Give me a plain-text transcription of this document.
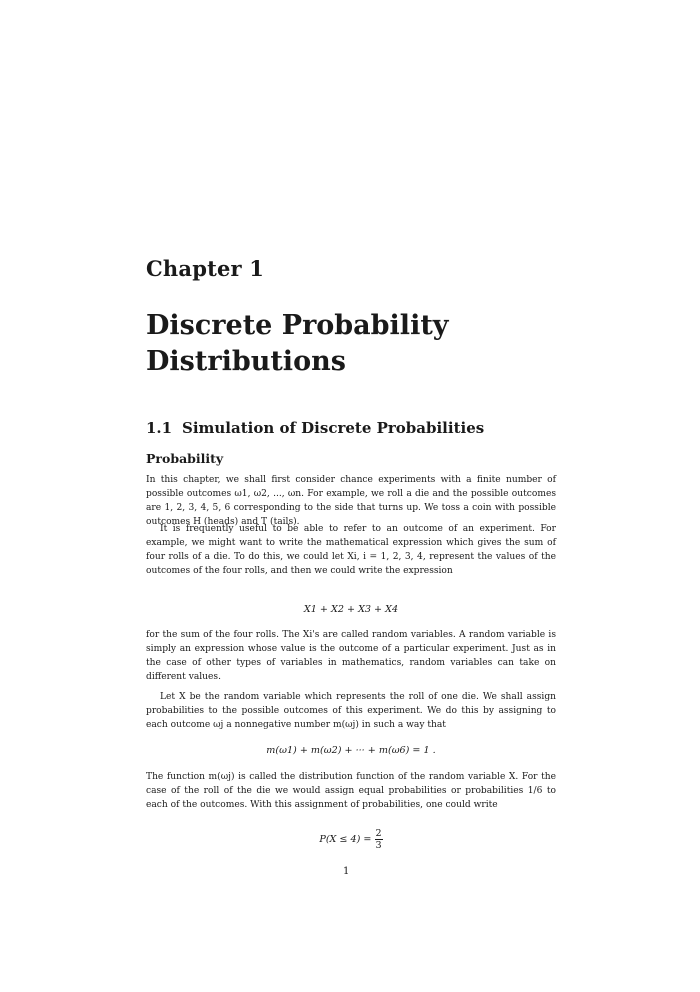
Chapter 1
Discrete Probability Distributions
1.1 Simulation of Discrete Probabilities
Probability

In this chapter, we shall first consider chance experiments with a finite number of possible outcomes ω1, ω2, ..., ωn. For example, we roll a die and the possible outcomes are 1, 2, 3, 4, 5, 6 corresponding to the side that turns up. We toss a coin with possible outcomes H (heads) and T (tails).

It is frequently useful to be able to refer to an outcome of an experiment. For example, we might want to write the mathematical expression which gives the sum of four rolls of a die. To do this, we could let Xi, i = 1, 2, 3, 4, represent the values of the outcomes of the four rolls, and then we could write the expression

X1 + X2 + X3 + X4

for the sum of the four rolls. The Xi's are called random variables. A random variable is simply an expression whose value is the outcome of a particular experiment. Just as in the case of other types of variables in mathematics, random variables can take on different values.

Let X be the random variable which represents the roll of one die. We shall assign probabilities to the possible outcomes of this experiment. We do this by assigning to each outcome ωj a nonnegative number m(ωj) in such a way that

m(ω1) + m(ω2) + ··· + m(ω6) = 1 .

The function m(ωj) is called the distribution function of the random variable X. For the case of the roll of the die we would assign equal probabilities or probabilities 1/6 to each of the outcomes. With this assignment of probabilities, one could write

$P(X \le 4) = \frac{2}{3}$
1
